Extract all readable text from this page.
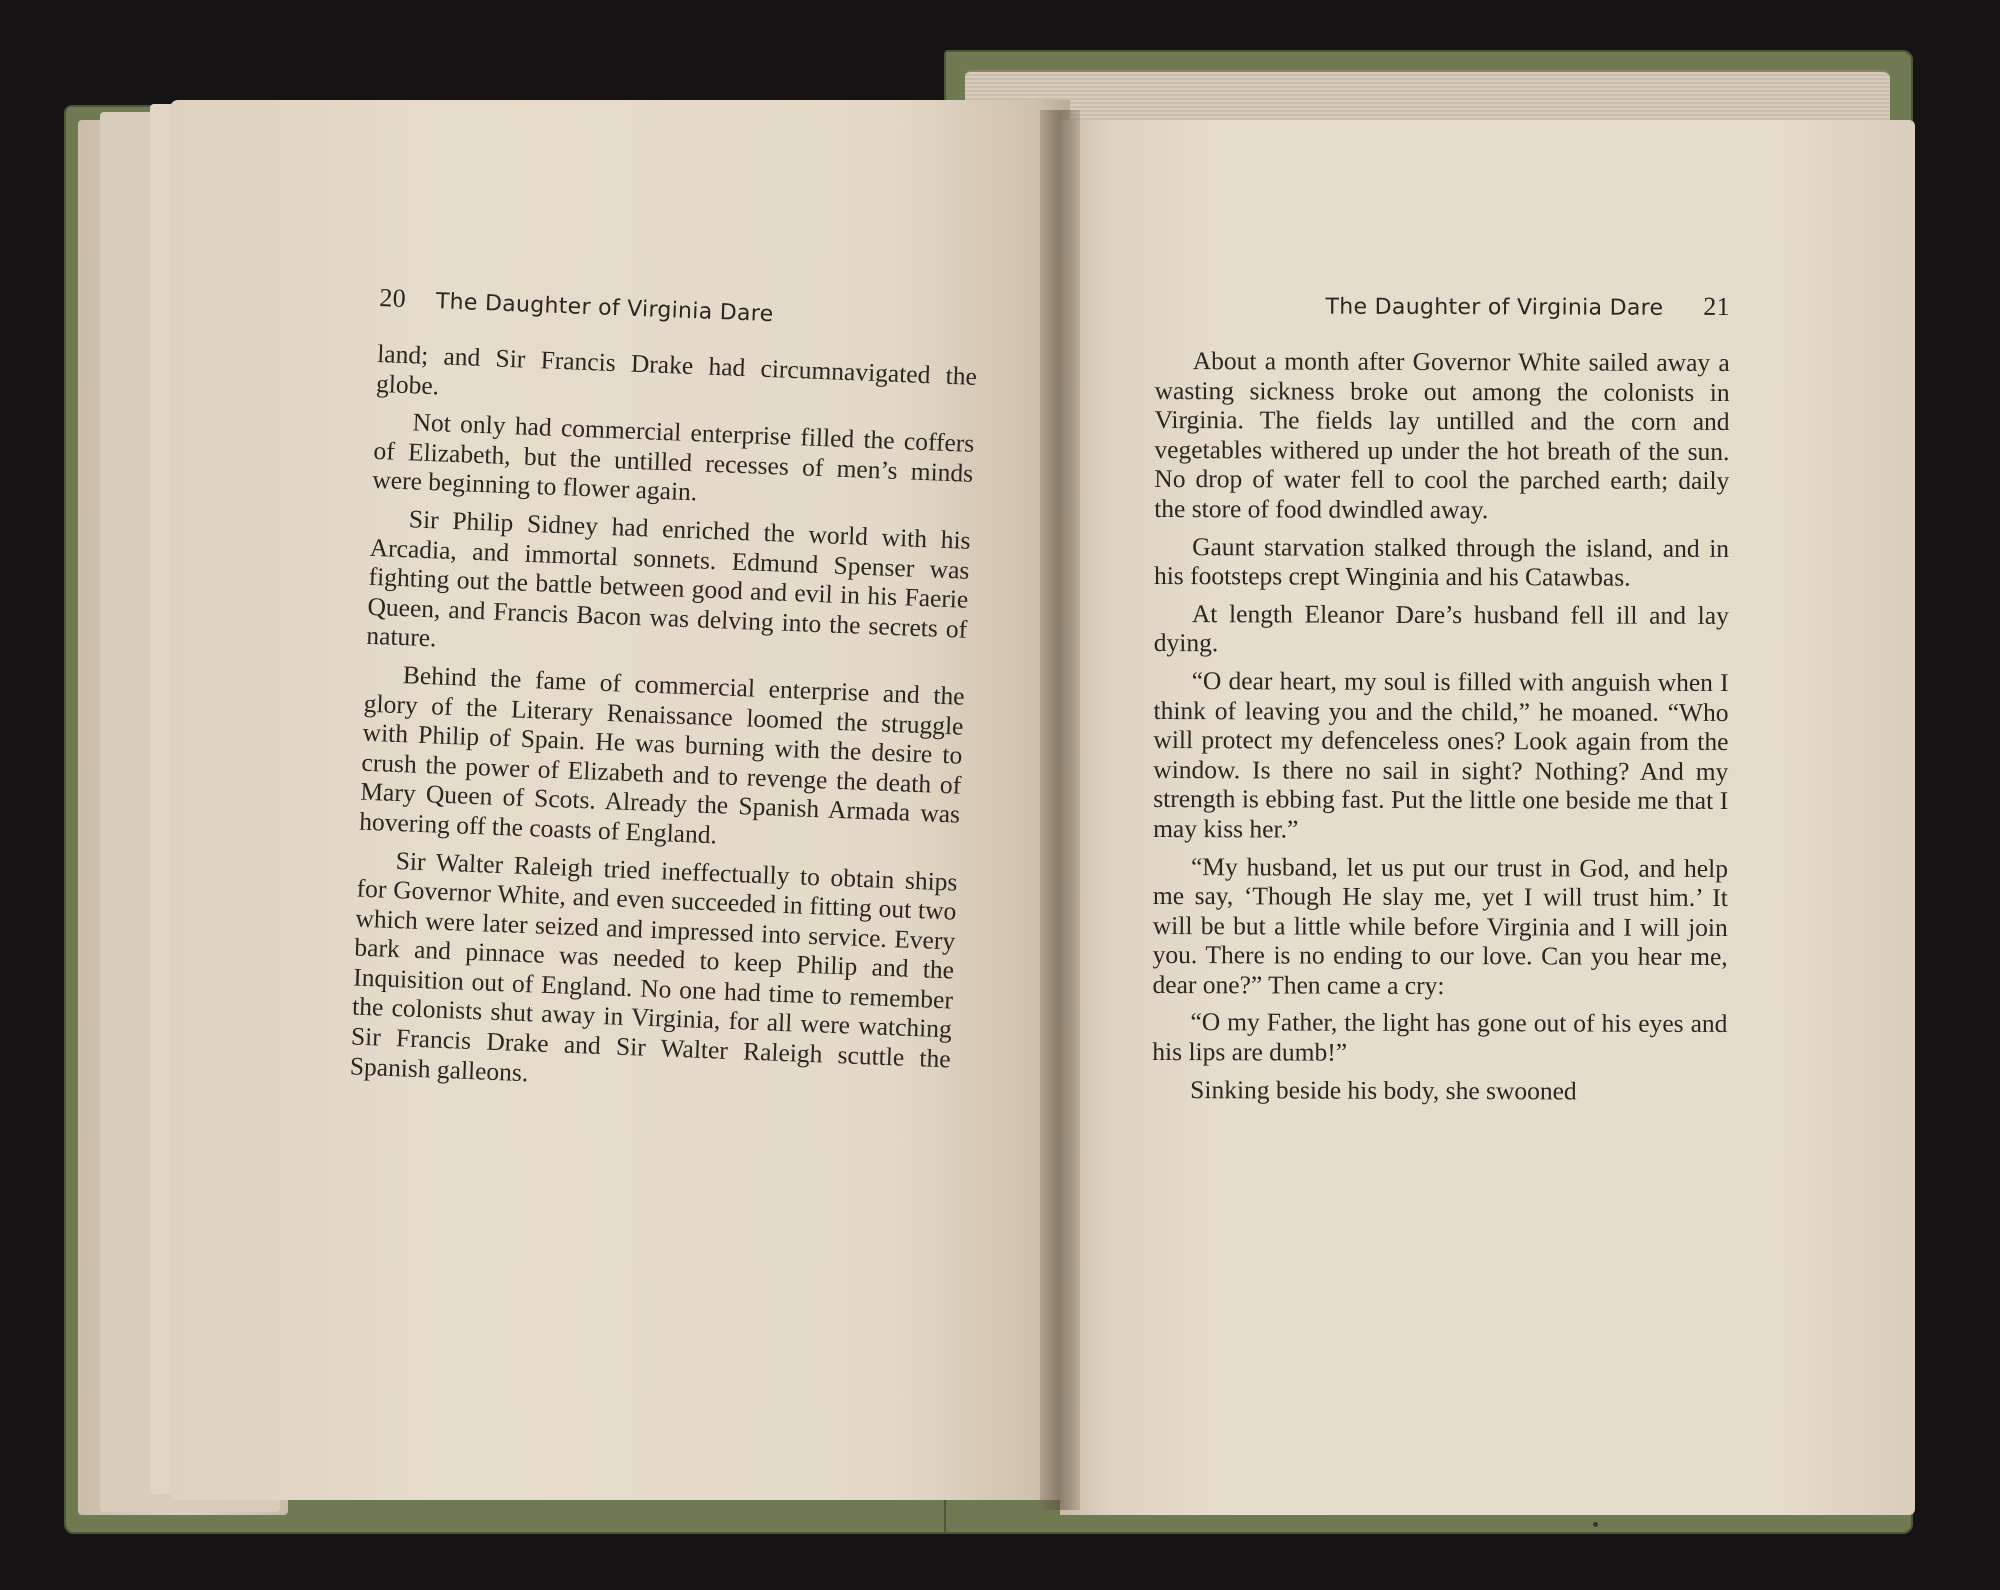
20 The Daughter of Virginia Dare

land; and Sir Francis Drake had circumnavigated the globe.

Not only had commercial enterprise filled the coffers of Elizabeth, but the untilled recesses of men’s minds were beginning to flower again.

Sir Philip Sidney had enriched the world with his Arcadia, and immortal sonnets. Edmund Spenser was fighting out the battle between good and evil in his Faerie Queen, and Francis Bacon was delving into the secrets of nature.

Behind the fame of commercial enterprise and the glory of the Literary Renaissance loomed the struggle with Philip of Spain. He was burning with the desire to crush the power of Elizabeth and to revenge the death of Mary Queen of Scots. Already the Spanish Armada was hovering off the coasts of England.

Sir Walter Raleigh tried ineffectually to obtain ships for Governor White, and even succeeded in fitting out two which were later seized and impressed into service. Every bark and pinnace was needed to keep Philip and the Inquisition out of England. No one had time to remember the colonists shut away in Virginia, for all were watching Sir Francis Drake and Sir Walter Raleigh scuttle the Spanish galleons.

The Daughter of Virginia Dare 21

About a month after Governor White sailed away a wasting sickness broke out among the colonists in Virginia. The fields lay untilled and the corn and vegetables withered up under the hot breath of the sun. No drop of water fell to cool the parched earth; daily the store of food dwindled away.

Gaunt starvation stalked through the island, and in his footsteps crept Winginia and his Catawbas.

At length Eleanor Dare’s husband fell ill and lay dying.

“O dear heart, my soul is filled with anguish when I think of leaving you and the child,” he moaned. “Who will protect my defenceless ones? Look again from the window. Is there no sail in sight? Nothing? And my strength is ebbing fast. Put the little one beside me that I may kiss her.”

“My husband, let us put our trust in God, and help me say, ‘Though He slay me, yet I will trust him.’ It will be but a little while before Virginia and I will join you. There is no ending to our love. Can you hear me, dear one?” Then came a cry:

“O my Father, the light has gone out of his eyes and his lips are dumb!”

Sinking beside his body, she swooned
